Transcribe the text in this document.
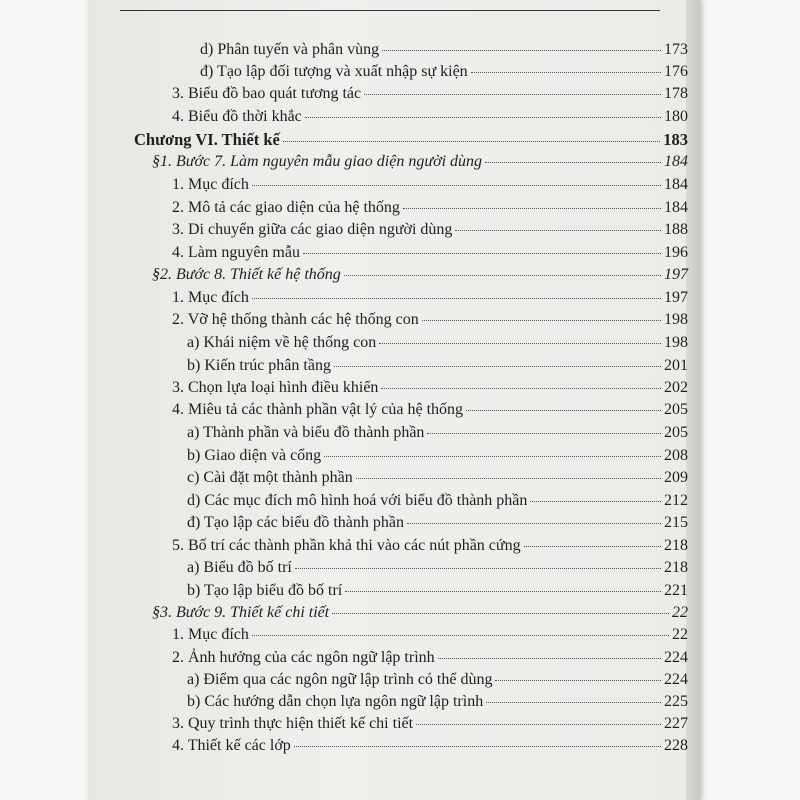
d) Phân tuyến và phân vùng	173
đ) Tạo lập đối tượng và xuất nhập sự kiện	176
3. Biểu đồ bao quát tương tác	178
4. Biểu đồ thời khắc	180
Chương VI. Thiết kế	183
§1. Bước 7. Làm nguyên mẫu giao diện người dùng	184
1. Mục đích	184
2. Mô tả các giao diện của hệ thống	184
3. Di chuyển giữa các giao diện người dùng	188
4. Làm nguyên mẫu	196
§2. Bước 8. Thiết kế hệ thống	197
1. Mục đích	197
2. Vỡ hệ thống thành các hệ thống con	198
a) Khái niệm về hệ thống con	198
b) Kiến trúc phân tầng	201
3. Chọn lựa loại hình điều khiển	202
4. Miêu tả các thành phần vật lý của hệ thống	205
a) Thành phần và biểu đồ thành phần	205
b) Giao diện và cổng	208
c) Cài đặt một thành phần	209
d) Các mục đích mô hình hoá với biểu đồ thành phần	212
đ) Tạo lập các biểu đồ thành phần	215
5. Bố trí các thành phần khả thi vào các nút phần cứng	218
a) Biểu đồ bố trí	218
b) Tạo lập biểu đồ bố trí	221
§3. Bước 9. Thiết kế chi tiết	22
1. Mục đích	22
2. Ảnh hưởng của các ngôn ngữ lập trình	224
a) Điểm qua các ngôn ngữ lập trình có thể dùng	224
b) Các hướng dẫn chọn lựa ngôn ngữ lập trình	225
3. Quy trình thực hiện thiết kế chi tiết	227
4. Thiết kế các lớp	228
